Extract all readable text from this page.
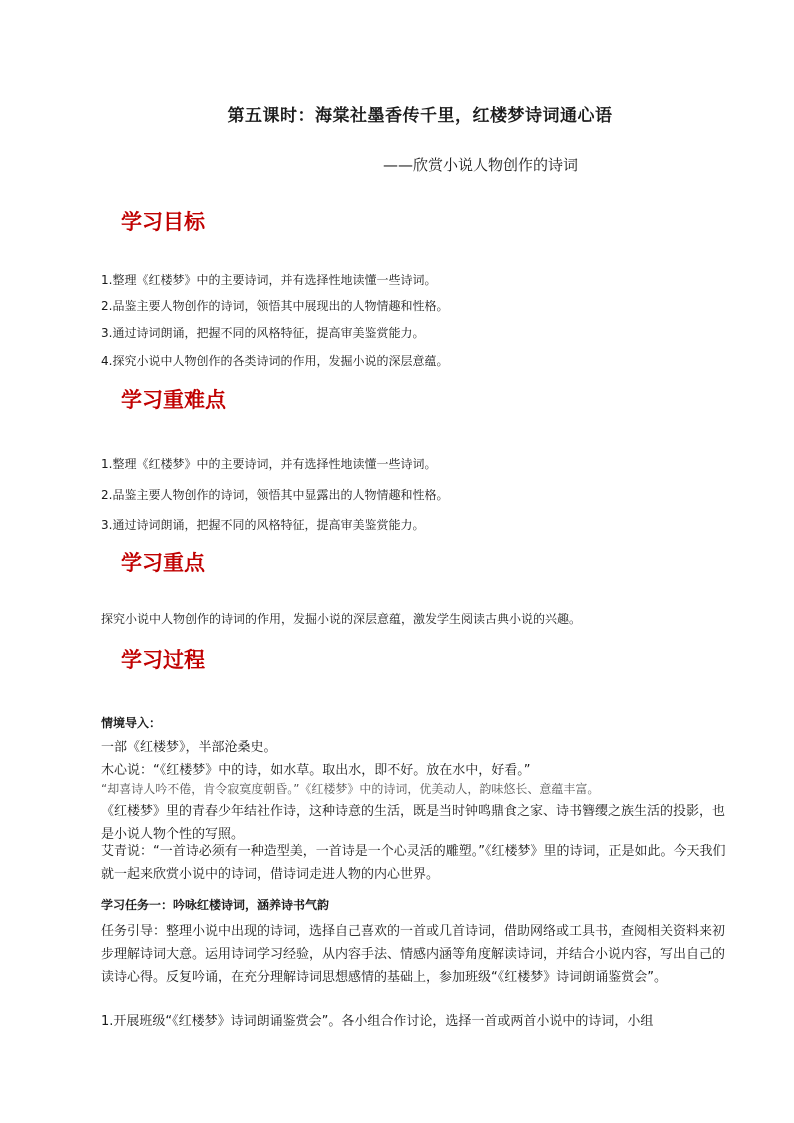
第五课时：海棠社墨香传千里，红楼梦诗词通心语
——欣赏小说人物创作的诗词
学习目标
1.整理《红楼梦》中的主要诗词，并有选择性地读懂一些诗词。
2.品鉴主要人物创作的诗词，领悟其中展现出的人物情趣和性格。
3.通过诗词朗诵，把握不同的风格特征，提高审美鉴赏能力。
4.探究小说中人物创作的各类诗词的作用，发掘小说的深层意蕴。
学习重难点
1.整理《红楼梦》中的主要诗词，并有选择性地读懂一些诗词。
2.品鉴主要人物创作的诗词，领悟其中显露出的人物情趣和性格。
3.通过诗词朗诵，把握不同的风格特征，提高审美鉴赏能力。
学习重点
探究小说中人物创作的诗词的作用，发掘小说的深层意蕴，激发学生阅读古典小说的兴趣。
学习过程
情境导入：
一部《红楼梦》，半部沧桑史。
木心说：“《红楼梦》中的诗，如水草。取出水，即不好。放在水中，好看。”
“却喜诗人吟不倦，肯令寂寞度朝昏。”《红楼梦》中的诗词，优美动人，韵味悠长、意蕴丰富。
《红楼梦》里的青春少年结社作诗，这种诗意的生活，既是当时钟鸣鼎食之家、诗书簪缨之族生活的投影，也是小说人物个性的写照。
艾青说：“一首诗必须有一种造型美，一首诗是一个心灵活的雕塑。”《红楼梦》里的诗词，正是如此。今天我们就一起来欣赏小说中的诗词，借诗词走进人物的内心世界。
学习任务一：吟咏红楼诗词，涵养诗书气韵
任务引导：整理小说中出现的诗词，选择自己喜欢的一首或几首诗词，借助网络或工具书，查阅相关资料来初步理解诗词大意。运用诗词学习经验，从内容手法、情感内涵等角度解读诗词，并结合小说内容，写出自己的读诗心得。反复吟诵，在充分理解诗词思想感情的基础上，参加班级“《红楼梦》诗词朗诵鉴赏会”。
1.开展班级“《红楼梦》诗词朗诵鉴赏会”。各小组合作讨论，选择一首或两首小说中的诗词，小组
